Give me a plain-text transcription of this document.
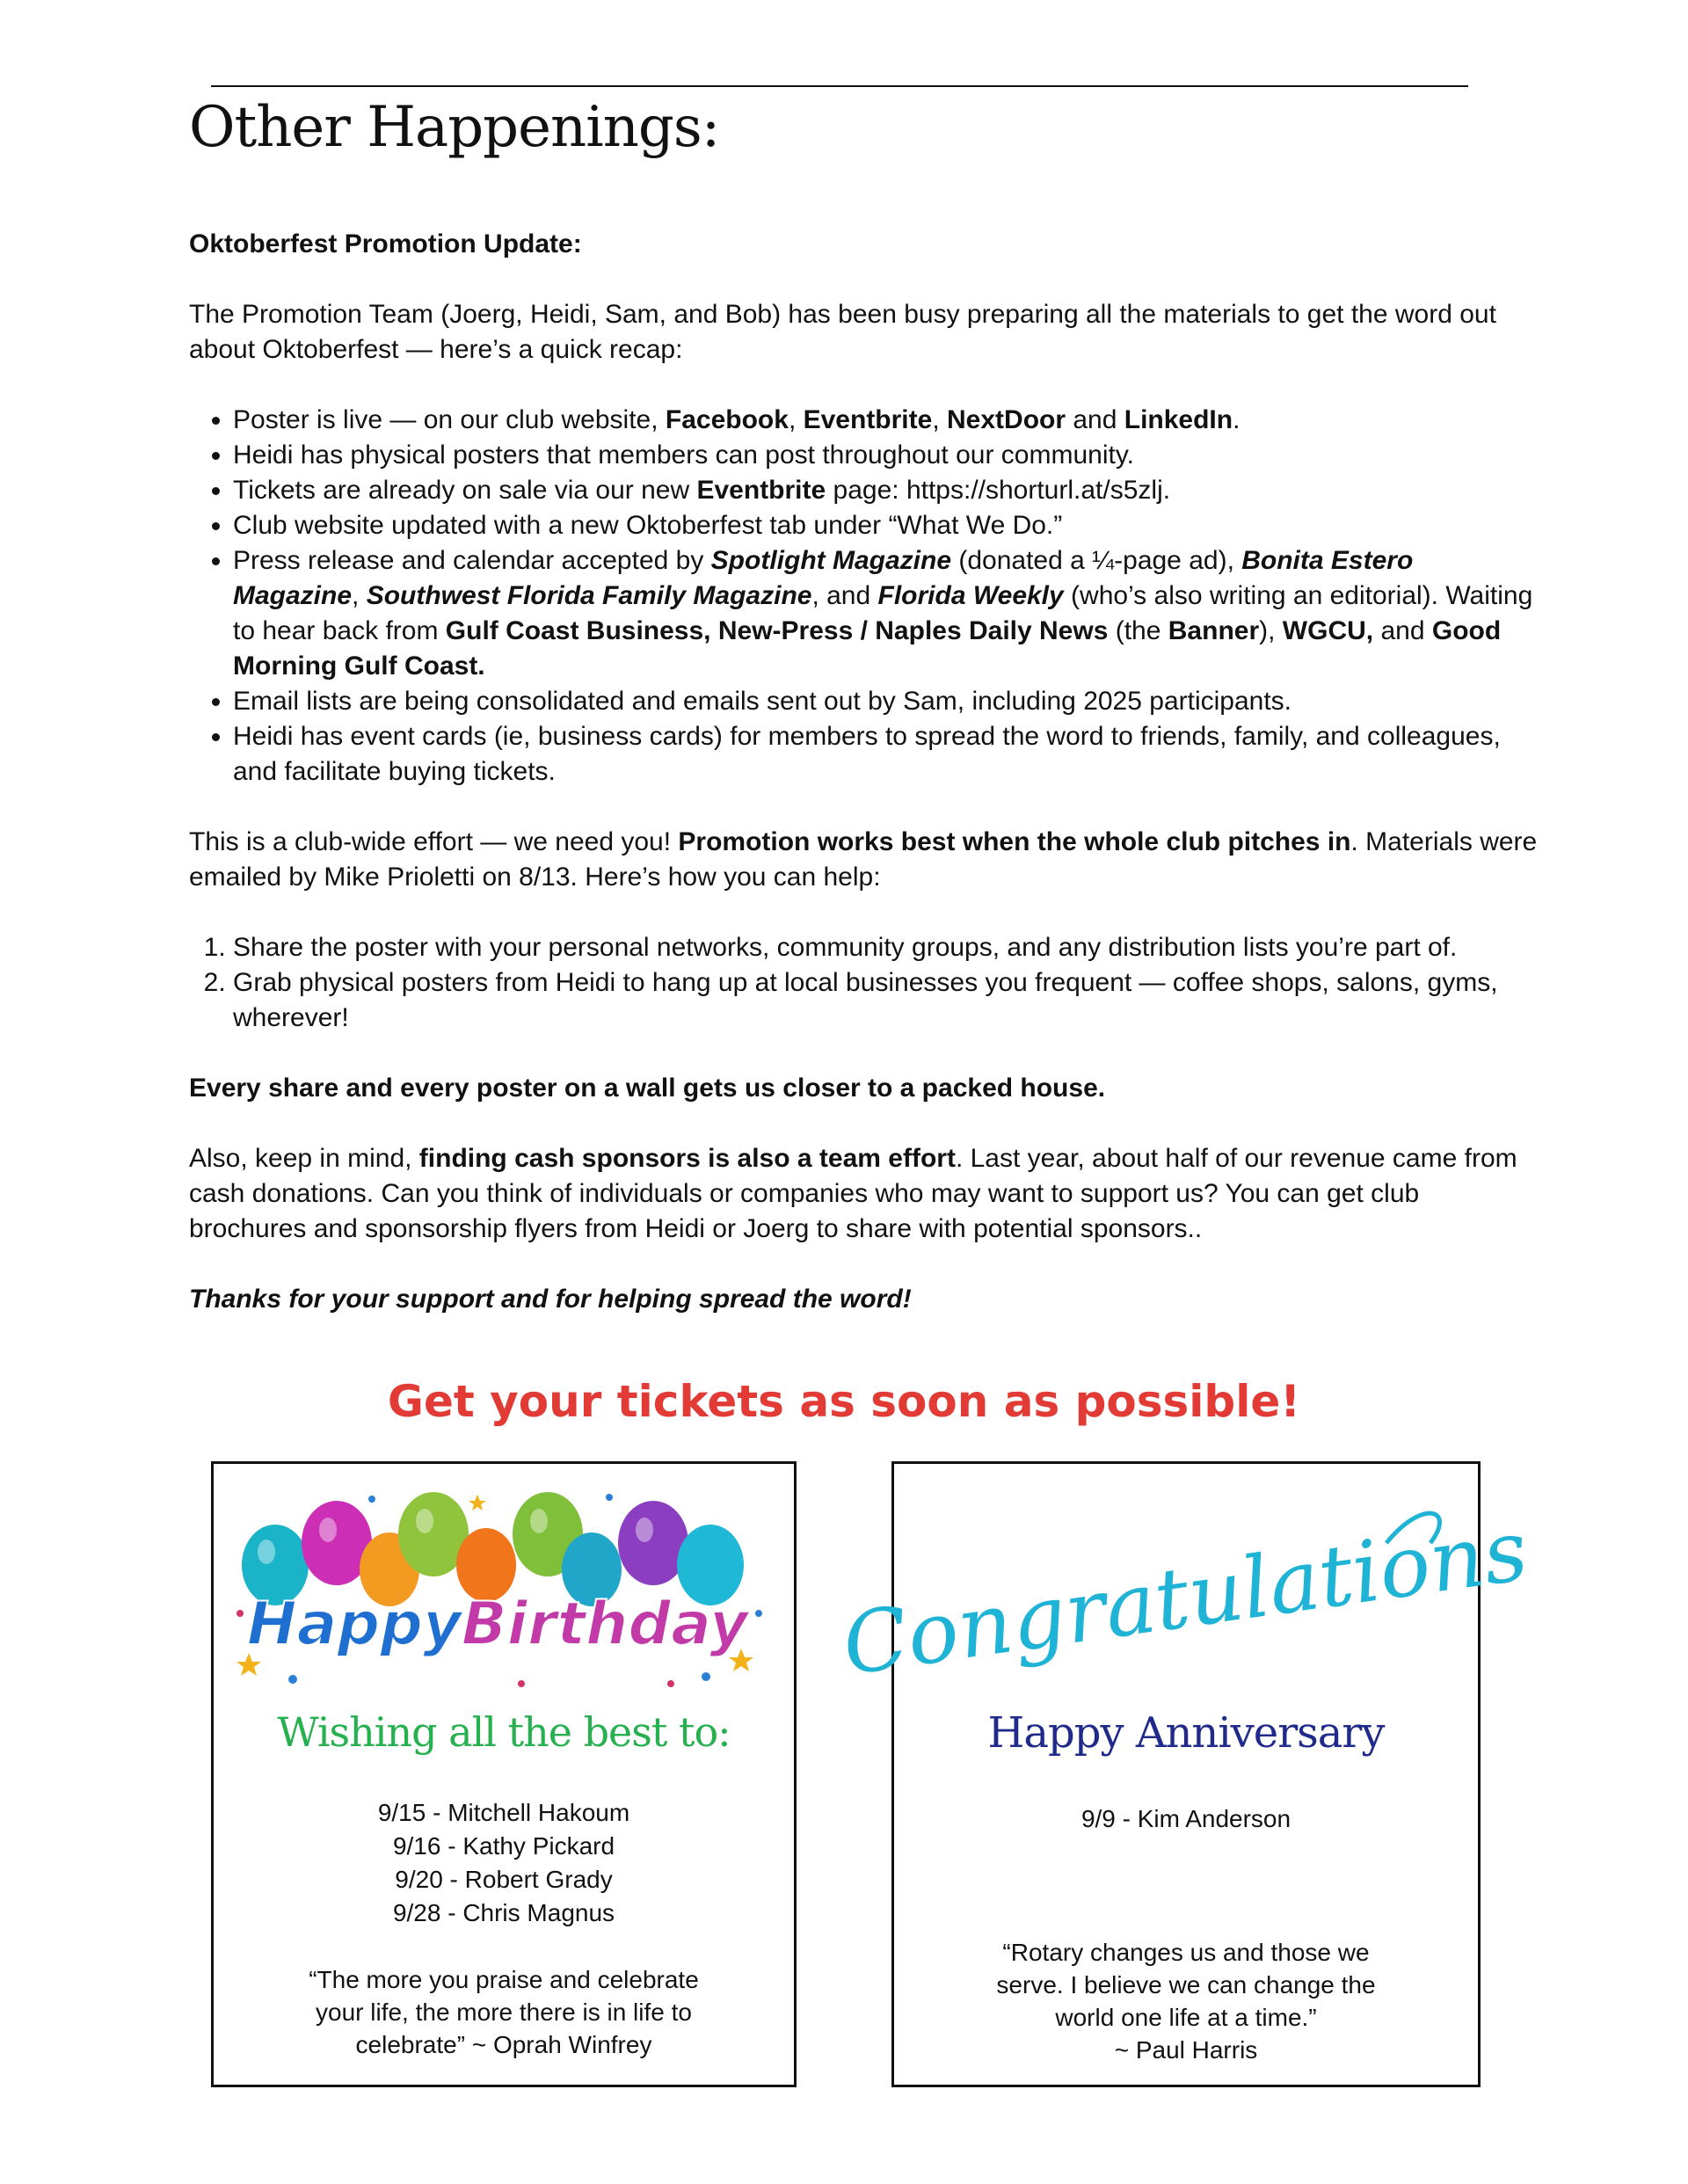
Other Happenings:

Oktoberfest Promotion Update:

The Promotion Team (Joerg, Heidi, Sam, and Bob) has been busy preparing all the materials to get the word out about Oktoberfest — here’s a quick recap:

• Poster is live — on our club website, Facebook, Eventbrite, NextDoor and LinkedIn.
• Heidi has physical posters that members can post throughout our community.
• Tickets are already on sale via our new Eventbrite page: https://shorturl.at/s5zlj.
• Club website updated with a new Oktoberfest tab under “What We Do.”
• Press release and calendar accepted by Spotlight Magazine (donated a ¼-page ad), Bonita Estero Magazine, Southwest Florida Family Magazine, and Florida Weekly (who’s also writing an editorial). Waiting to hear back from Gulf Coast Business, New-Press / Naples Daily News (the Banner), WGCU, and Good Morning Gulf Coast.
• Email lists are being consolidated and emails sent out by Sam, including 2025 participants.
• Heidi has event cards (ie, business cards) for members to spread the word to friends, family, and colleagues, and facilitate buying tickets.

This is a club-wide effort — we need you! Promotion works best when the whole club pitches in. Materials were emailed by Mike Prioletti on 8/13. Here’s how you can help:

1. Share the poster with your personal networks, community groups, and any distribution lists you’re part of.
2. Grab physical posters from Heidi to hang up at local businesses you frequent — coffee shops, salons, gyms, wherever!

Every share and every poster on a wall gets us closer to a packed house.

Also, keep in mind, finding cash sponsors is also a team effort. Last year, about half of our revenue came from cash donations. Can you think of individuals or companies who may want to support us? You can get club brochures and sponsorship flyers from Heidi or Joerg to share with potential sponsors..

Thanks for your support and for helping spread the word!

Get your tickets as soon as possible!
Happy Birthday
Wishing all the best to:
9/15 - Mitchell Hakoum
9/16 - Kathy Pickard
9/20 - Robert Grady
9/28 - Chris Magnus
“The more you praise and celebrate
your life, the more there is in life to
celebrate” ~ Oprah Winfrey
Congratulations
Happy Anniversary
9/9 - Kim Anderson
“Rotary changes us and those we
serve. I believe we can change the
world one life at a time.”
~ Paul Harris
